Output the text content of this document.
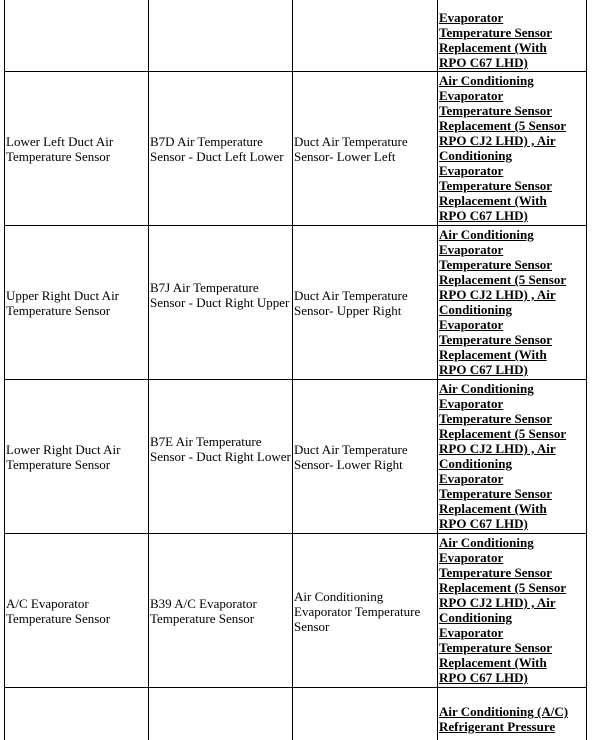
Evaporator
Temperature Sensor
Replacement (With
RPO C67 LHD)
Lower Left Duct Air Temperature Sensor
B7D Air Temperature Sensor - Duct Left Lower
Duct Air Temperature Sensor- Lower Left
Air Conditioning
Evaporator
Temperature Sensor
Replacement (5 Sensor
RPO CJ2 LHD) , Air
Conditioning
Evaporator
Temperature Sensor
Replacement (With
RPO C67 LHD)
Upper Right Duct Air Temperature Sensor
B7J Air Temperature Sensor - Duct Right Upper Duct Air Temperature Sensor- Upper Right
Air Conditioning
Evaporator
Temperature Sensor
Replacement (5 Sensor
RPO CJ2 LHD) , Air
Conditioning
Evaporator
Temperature Sensor
Replacement (With
RPO C67 LHD)
Lower Right Duct Air Temperature Sensor
B7E Air Temperature Sensor - Duct Right Lower Duct Air Temperature Sensor- Lower Right
Air Conditioning
Evaporator
Temperature Sensor
Replacement (5 Sensor
RPO CJ2 LHD) , Air
Conditioning
Evaporator
Temperature Sensor
Replacement (With
RPO C67 LHD)
A/C Evaporator Temperature Sensor
B39 A/C Evaporator Temperature Sensor
Air Conditioning Evaporator Temperature Sensor
Air Conditioning
Evaporator
Temperature Sensor
Replacement (5 Sensor
RPO CJ2 LHD) , Air
Conditioning
Evaporator
Temperature Sensor
Replacement (With
RPO C67 LHD)
Air Conditioning (A/C)
Refrigerant Pressure
